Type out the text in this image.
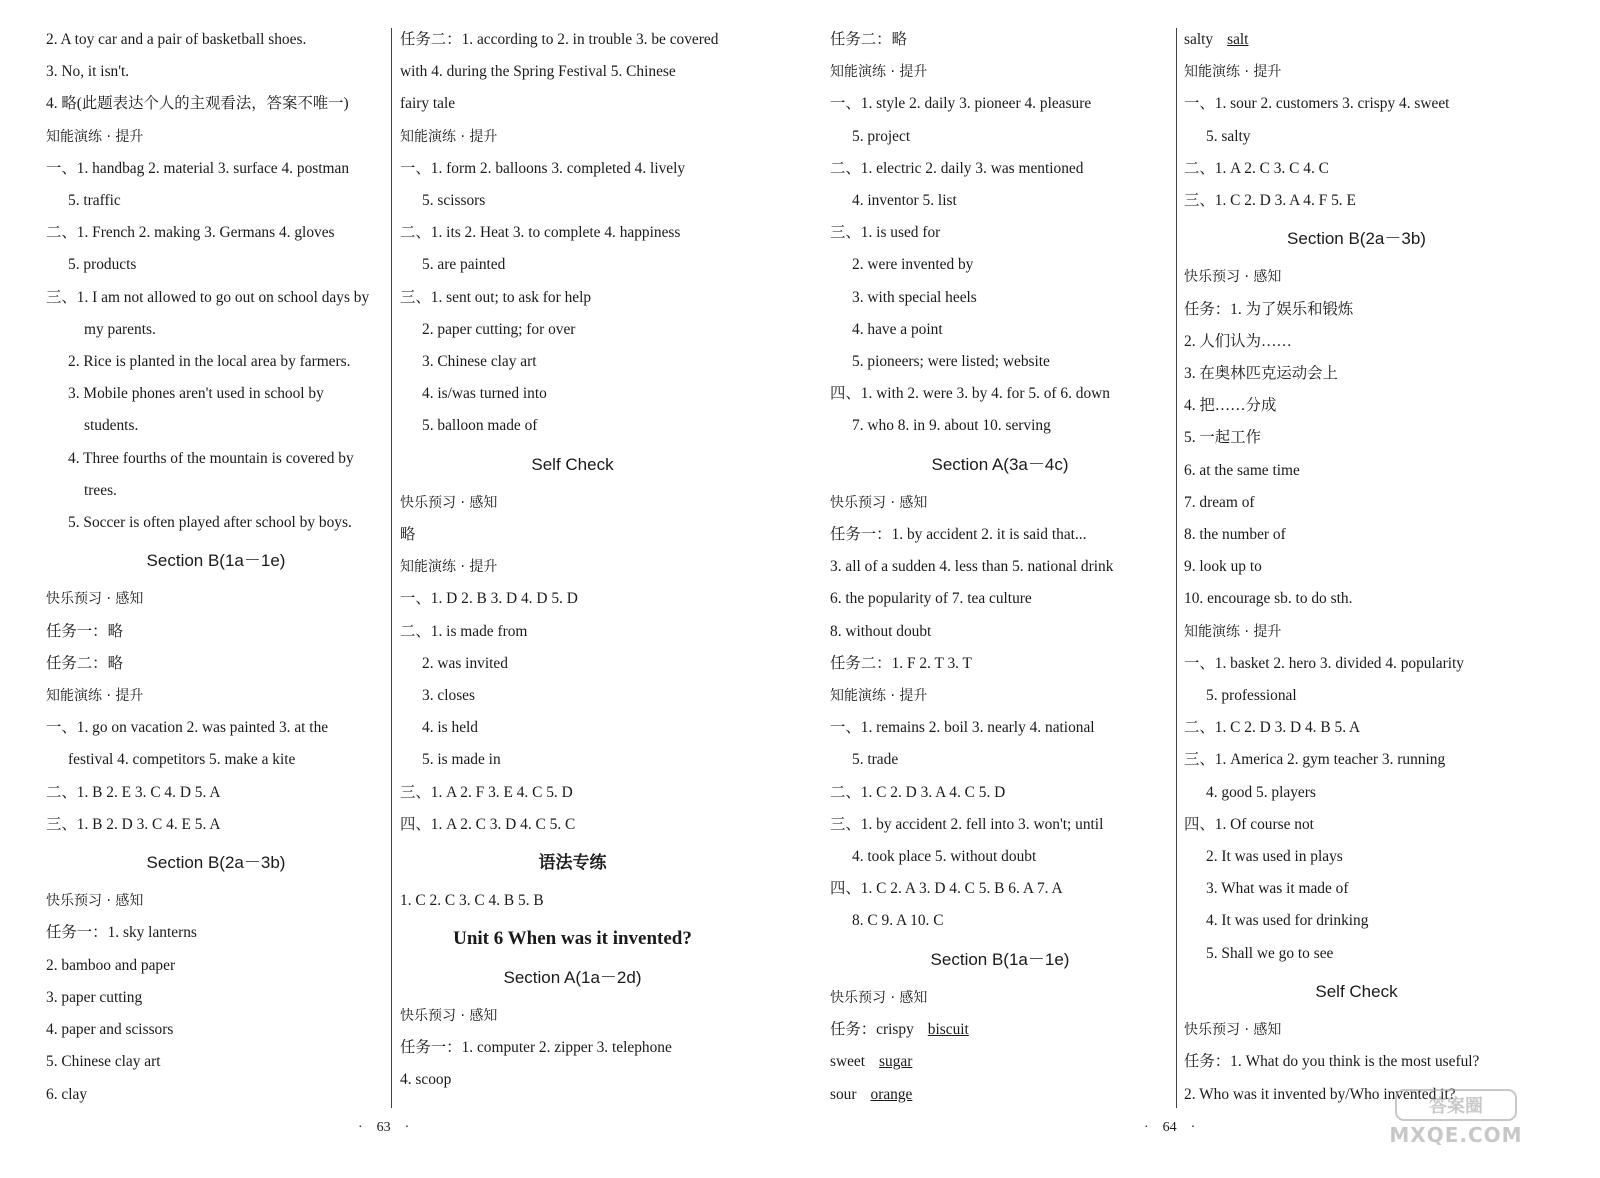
2. A toy car and a pair of basketball shoes.
3. No, it isn't.
4. 略(此题表达个人的主观看法，答案不唯一)
知能演练 · 提升
一、1. handbag 2. material 3. surface 4. postman
5. traffic
二、1. French 2. making 3. Germans 4. gloves
5. products
三、1. I am not allowed to go out on school days by
my parents.
2. Rice is planted in the local area by farmers.
3. Mobile phones aren't used in school by
students.
4. Three fourths of the mountain is covered by
trees.
5. Soccer is often played after school by boys.
Section B(1a－1e)
快乐预习 · 感知
任务一：略
任务二：略
知能演练 · 提升
一、1. go on vacation 2. was painted 3. at the
festival 4. competitors 5. make a kite
二、1. B 2. E 3. C 4. D 5. A
三、1. B 2. D 3. C 4. E 5. A
Section B(2a－3b)
快乐预习 · 感知
任务一：1. sky lanterns
2. bamboo and paper
3. paper cutting
4. paper and scissors
5. Chinese clay art
6. clay
任务二：1. according to 2. in trouble 3. be covered
with 4. during the Spring Festival 5. Chinese
fairy tale
知能演练 · 提升
一、1. form 2. balloons 3. completed 4. lively
5. scissors
二、1. its 2. Heat 3. to complete 4. happiness
5. are painted
三、1. sent out; to ask for help
2. paper cutting; for over
3. Chinese clay art
4. is/was turned into
5. balloon made of
Self Check
快乐预习 · 感知
略
知能演练 · 提升
一、1. D 2. B 3. D 4. D 5. D
二、1. is made from
2. was invited
3. closes
4. is held
5. is made in
三、1. A 2. F 3. E 4. C 5. D
四、1. A 2. C 3. D 4. C 5. C
语法专练
1. C 2. C 3. C 4. B 5. B
Unit 6 When was it invented?
Section A(1a－2d)
快乐预习 · 感知
任务一：1. computer 2. zipper 3. telephone
4. scoop
任务二：略
知能演练 · 提升
一、1. style 2. daily 3. pioneer 4. pleasure
5. project
二、1. electric 2. daily 3. was mentioned
4. inventor 5. list
三、1. is used for
2. were invented by
3. with special heels
4. have a point
5. pioneers; were listed; website
四、1. with 2. were 3. by 4. for 5. of 6. down
7. who 8. in 9. about 10. serving
Section A(3a－4c)
快乐预习 · 感知
任务一：1. by accident 2. it is said that...
3. all of a sudden 4. less than 5. national drink
6. the popularity of 7. tea culture
8. without doubt
任务二：1. F 2. T 3. T
知能演练 · 提升
一、1. remains 2. boil 3. nearly 4. national
5. trade
二、1. C 2. D 3. A 4. C 5. D
三、1. by accident 2. fell into 3. won't; until
4. took place 5. without doubt
四、1. C 2. A 3. D 4. C 5. B 6. A 7. A
8. C 9. A 10. C
Section B(1a－1e)
快乐预习 · 感知
任务：crispy biscuit
sweet sugar
sour orange
salty salt
知能演练 · 提升
一、1. sour 2. customers 3. crispy 4. sweet
5. salty
二、1. A 2. C 3. C 4. C
三、1. C 2. D 3. A 4. F 5. E
Section B(2a－3b)
快乐预习 · 感知
任务：1. 为了娱乐和锻炼
2. 人们认为……
3. 在奥林匹克运动会上
4. 把……分成
5. 一起工作
6. at the same time
7. dream of
8. the number of
9. look up to
10. encourage sb. to do sth.
知能演练 · 提升
一、1. basket 2. hero 3. divided 4. popularity
5. professional
二、1. C 2. D 3. D 4. B 5. A
三、1. America 2. gym teacher 3. running
4. good 5. players
四、1. Of course not
2. It was used in plays
3. What was it made of
4. It was used for drinking
5. Shall we go to see
Self Check
快乐预习 · 感知
任务：1. What do you think is the most useful?
2. Who was it invented by/Who invented it?
· 63 ·	· 64 ·
答案圈
MXQE.COM
